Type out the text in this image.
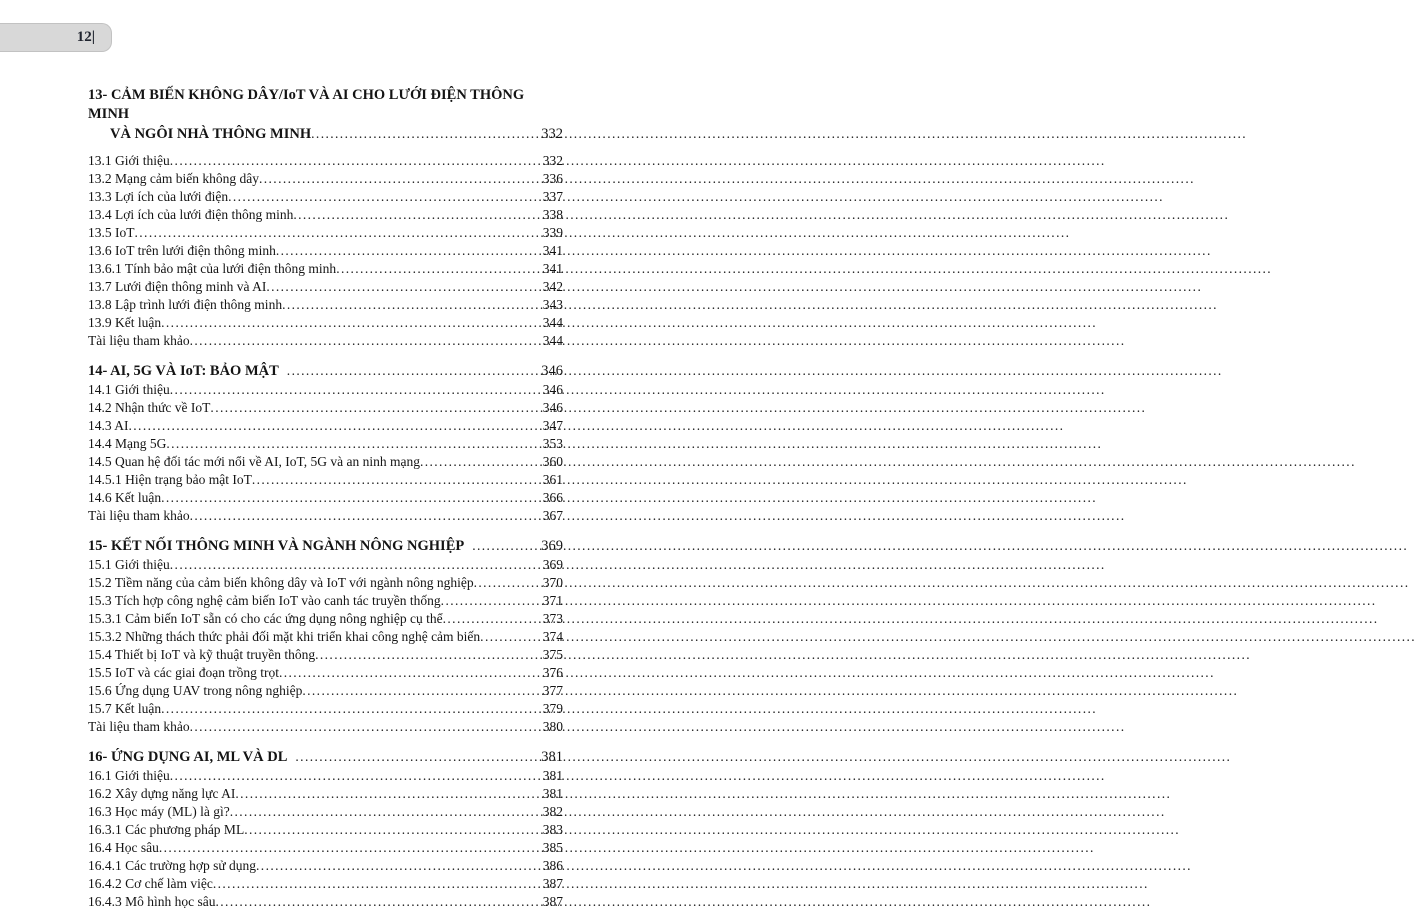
12|
13- CẢM BIẾN KHÔNG DÂY/IoT VÀ AI CHO LƯỚI ĐIỆN THÔNG MINH
VÀ NGÔI NHÀ THÔNG MINH .....	332
13.1 Giới thiệu .....	332
13.2 Mạng cảm biến không dây .....	336
13.3 Lợi ích của lưới điện .....	337
13.4 Lợi ích của lưới điện thông minh .....	338
13.5 IoT .....	339
13.6 IoT trên lưới điện thông minh .....	341
13.6.1 Tính bảo mật của lưới điện thông minh .....	341
13.7 Lưới điện thông minh và AI .....	342
13.8 Lập trình lưới điện thông minh .....	343
13.9 Kết luận .....	344
Tài liệu tham khảo .....	344
14- AI, 5G VÀ IoT: BẢO MẬT .....	346
14.1 Giới thiệu .....	346
14.2 Nhận thức về IoT .....	346
14.3 AI .....	347
14.4 Mạng 5G .....	353
14.5 Quan hệ đối tác mới nổi về AI, IoT, 5G và an ninh mạng .....	360
14.5.1 Hiện trạng bảo mật IoT .....	361
14.6 Kết luận .....	366
Tài liệu tham khảo .....	367
15- KẾT NỐI THÔNG MINH VÀ NGÀNH NÔNG NGHIỆP .....	369
15.1 Giới thiệu .....	369
15.2 Tiềm năng của cảm biến không dây và IoT với ngành nông nghiệp .....	370
15.3 Tích hợp công nghệ cảm biến IoT vào canh tác truyền thống .....	371
15.3.1 Cảm biến IoT sẵn có cho các ứng dụng nông nghiệp cụ thể .....	373
15.3.2 Những thách thức phải đối mặt khi triển khai công nghệ cảm biến .....	374
15.4 Thiết bị IoT và kỹ thuật truyền thông .....	375
15.5 IoT và các giai đoạn trồng trọt .....	376
15.6 Ứng dụng UAV trong nông nghiệp .....	377
15.7 Kết luận .....	379
Tài liệu tham khảo .....	380
16- ỨNG DỤNG AI, ML VÀ DL .....	381
16.1 Giới thiệu .....	381
16.2 Xây dựng năng lực AI .....	381
16.3 Học máy (ML) là gì? .....	382
16.3.1 Các phương pháp ML .....	383
16.4 Học sâu .....	385
16.4.1 Các trường hợp sử dụng .....	386
16.4.2 Cơ chế làm việc .....	387
16.4.3 Mô hình học sâu .....	387
